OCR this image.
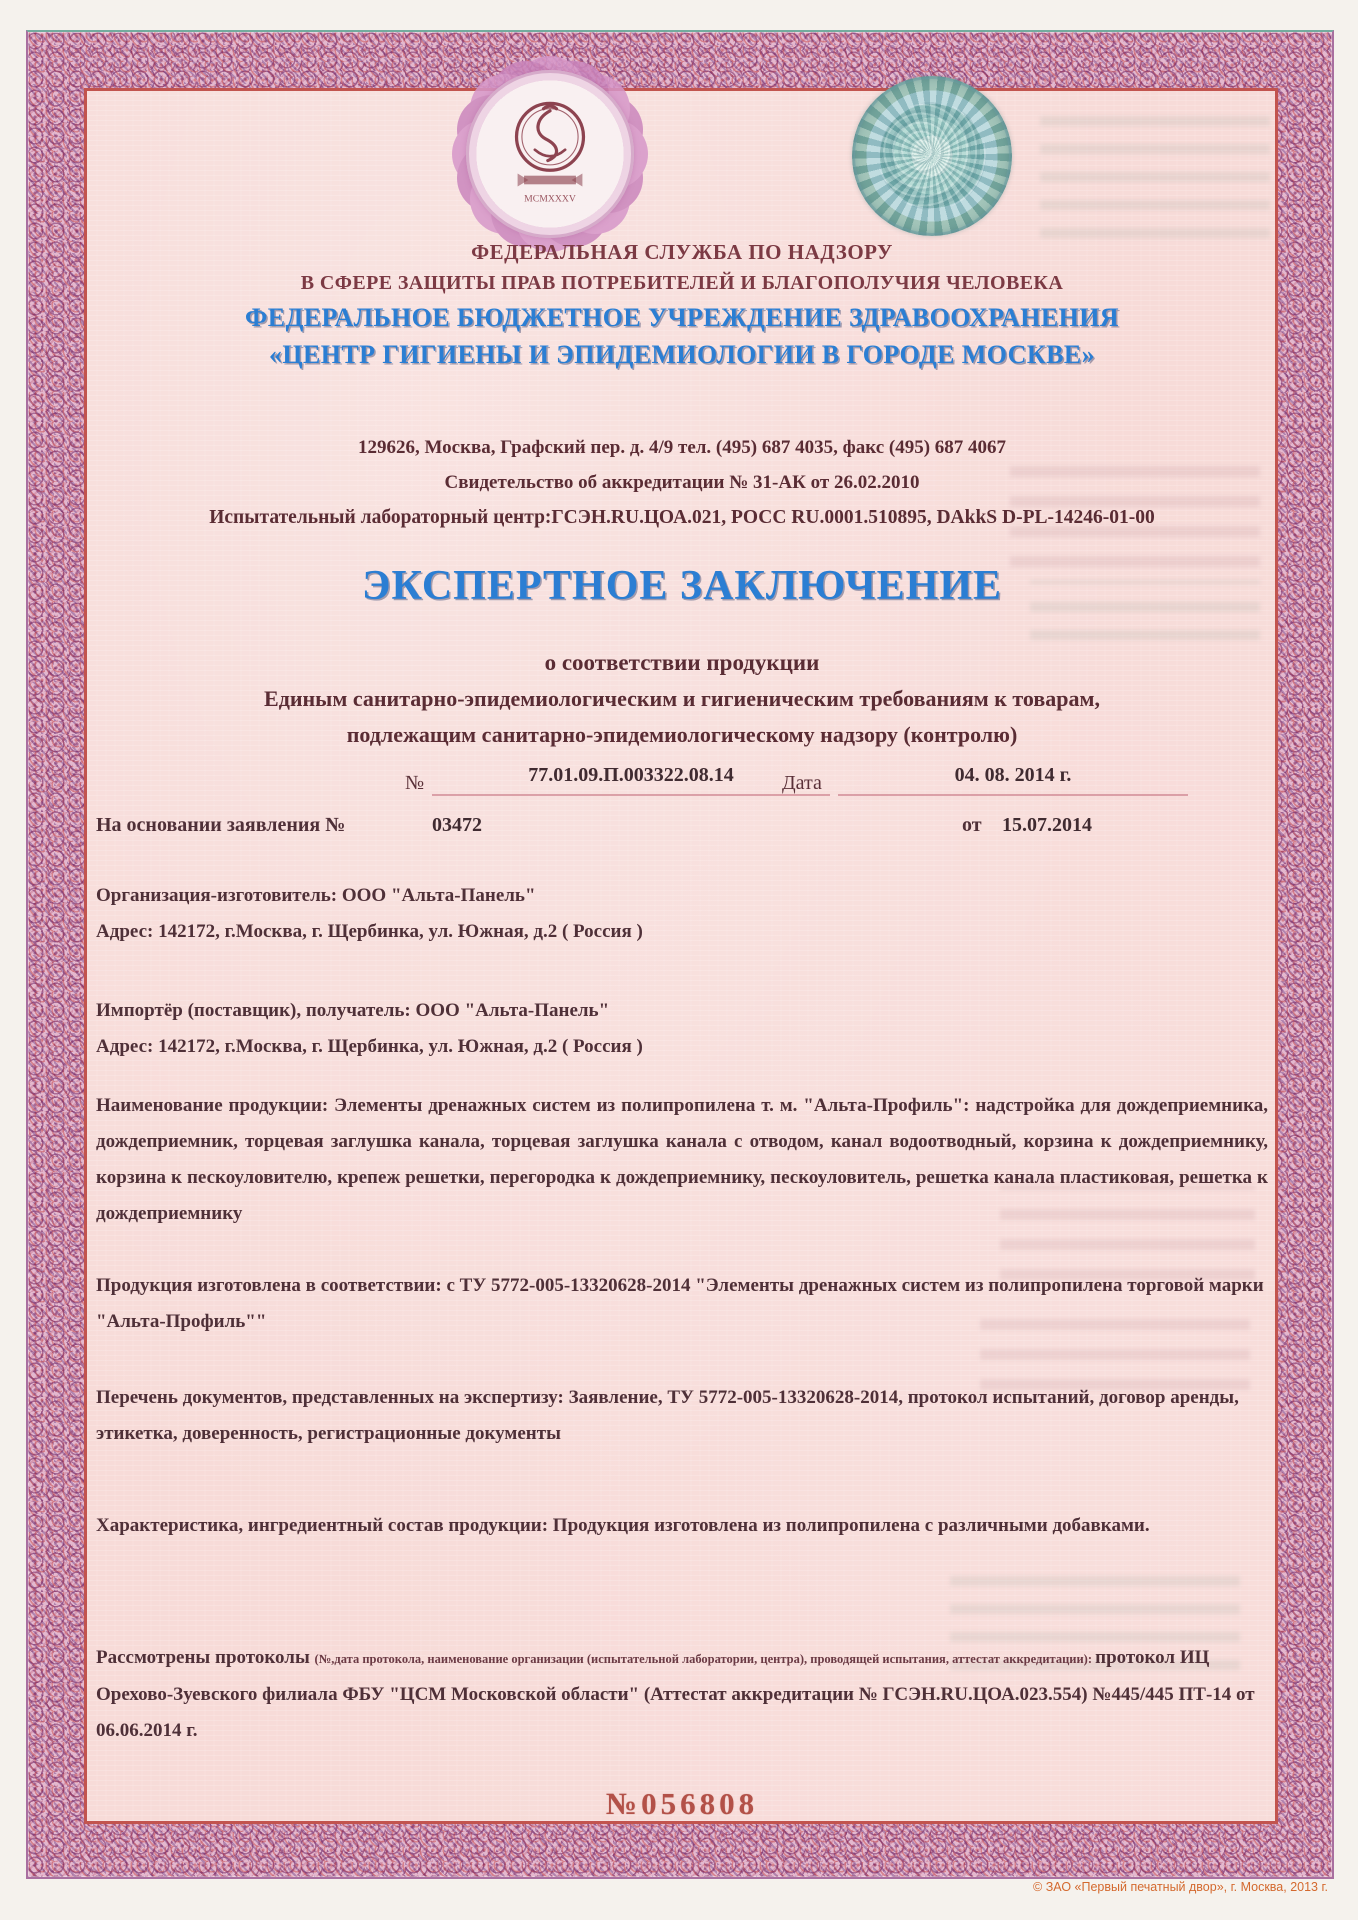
MCMXXXV
ФЕДЕРАЛЬНАЯ СЛУЖБА ПО НАДЗОРУ
В СФЕРЕ ЗАЩИТЫ ПРАВ ПОТРЕБИТЕЛЕЙ И БЛАГОПОЛУЧИЯ ЧЕЛОВЕКА
ФЕДЕРАЛЬНОЕ БЮДЖЕТНОЕ УЧРЕЖДЕНИЕ ЗДРАВООХРАНЕНИЯ
«ЦЕНТР ГИГИЕНЫ И ЭПИДЕМИОЛОГИИ В ГОРОДЕ МОСКВЕ»
129626, Москва, Графский пер. д. 4/9 тел. (495) 687 4035, факс (495) 687 4067
Свидетельство об аккредитации № 31-АК от 26.02.2010
Испытательный лабораторный центр:ГСЭН.RU.ЦОА.021, РОСС RU.0001.510895, DAkkS D-PL-14246-01-00
ЭКСПЕРТНОЕ ЗАКЛЮЧЕНИЕ
о соответствии продукции
Единым санитарно-эпидемиологическим и гигиеническим требованиям к товарам,
подлежащим санитарно-эпидемиологическому надзору (контролю)
№	77.01.09.П.003322.08.14	Дата	04. 08. 2014 г.
На основании заявления №	03472	от 15.07.2014
Организация-изготовитель: ООО "Альта-Панель"
Адрес: 142172, г.Москва, г. Щербинка, ул. Южная, д.2 ( Россия )
Импортёр (поставщик), получатель: ООО "Альта-Панель"
Адрес: 142172, г.Москва, г. Щербинка, ул. Южная, д.2 ( Россия )
Наименование продукции: Элементы дренажных систем из полипропилена т. м. "Альта-Профиль": надстройка для дождеприемника, дождеприемник, торцевая заглушка канала, торцевая заглушка канала с отводом, канал водоотводный, корзина к дождеприемнику, корзина к пескоуловителю, крепеж решетки, перегородка к дождеприемнику, пескоуловитель, решетка канала пластиковая, решетка к дождеприемнику
Продукция изготовлена в соответствии: с ТУ 5772-005-13320628-2014 "Элементы дренажных систем из полипропилена торговой марки "Альта-Профиль""
Перечень документов, представленных на экспертизу: Заявление, ТУ 5772-005-13320628-2014, протокол испытаний, договор аренды, этикетка, доверенность, регистрационные документы
Характеристика, ингредиентный состав продукции: Продукция изготовлена из полипропилена с различными добавками.
Рассмотрены протоколы (№,дата протокола, наименование организации (испытательной лаборатории, центра), проводящей испытания, аттестат аккредитации): протокол ИЦ Орехово-Зуевского филиала ФБУ "ЦСМ Московской области" (Аттестат аккредитации № ГСЭН.RU.ЦОА.023.554) №445/445 ПТ-14 от 06.06.2014 г.
№056808
© ЗАО «Первый печатный двор», г. Москва, 2013 г.
